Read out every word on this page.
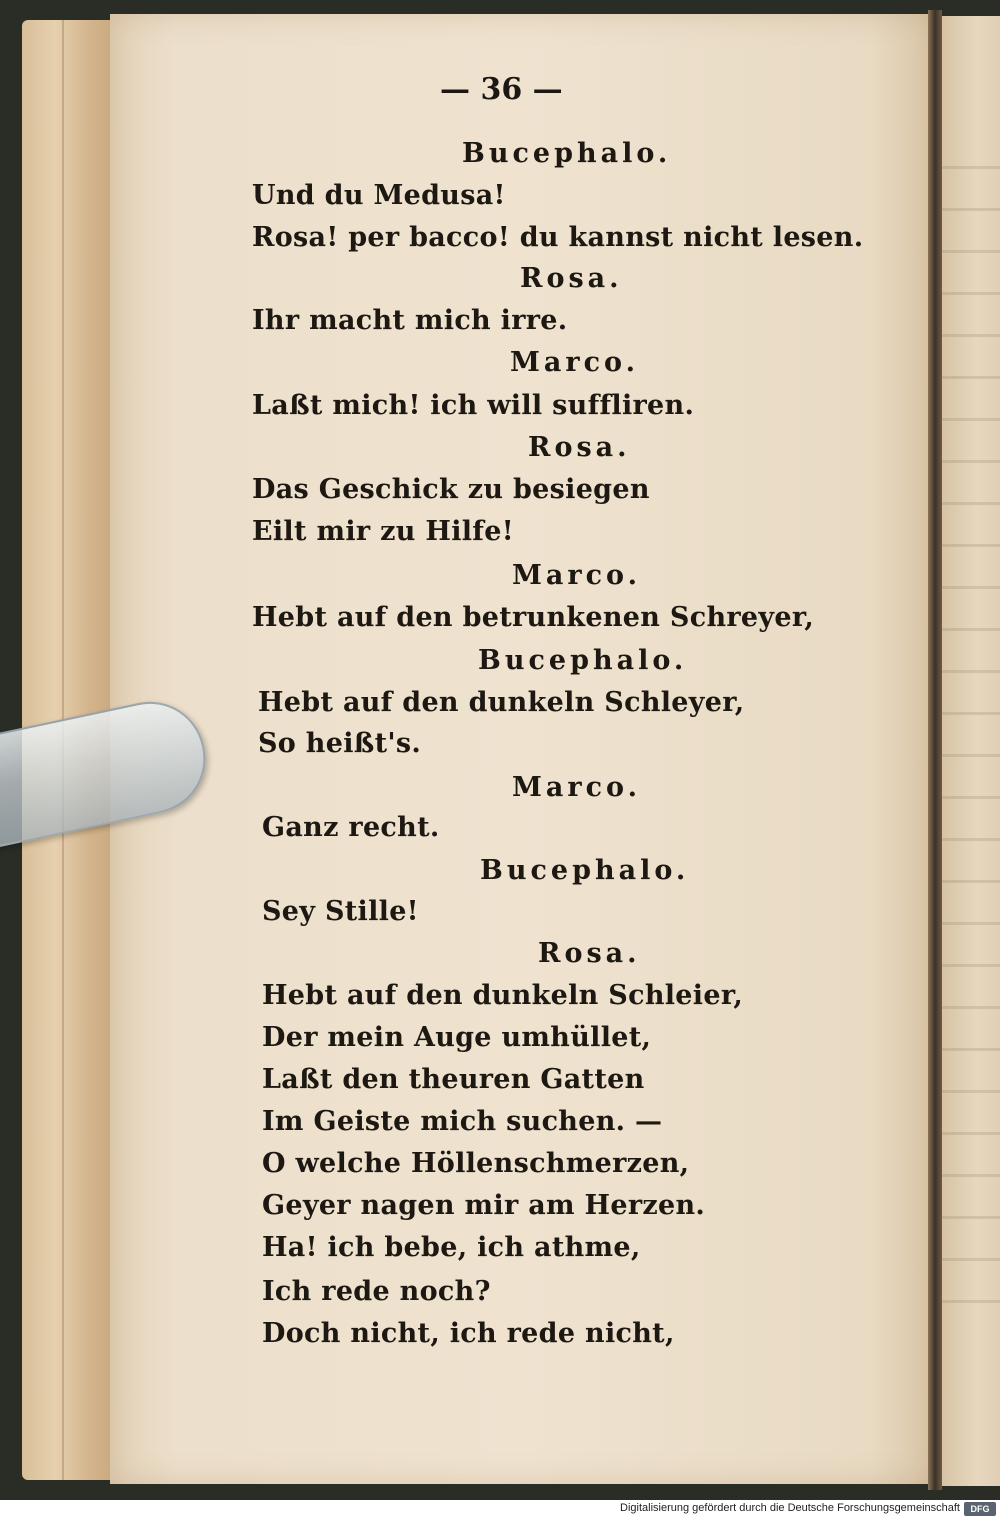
— 36 —
Bucephalo.
Und du Medusa!
Rosa! per bacco! du kannst nicht lesen.
Rosa.
Ihr macht mich irre.
Marco.
Laßt mich! ich will suffliren.
Rosa.
Das Geschick zu besiegen
Eilt mir zu Hilfe!
Marco.
Hebt auf den betrunkenen Schreyer,
Bucephalo.
Hebt auf den dunkeln Schleyer,
So heißt's.
Marco.
Ganz recht.
Bucephalo.
Sey Stille!
Rosa.
Hebt auf den dunkeln Schleier,
Der mein Auge umhüllet,
Laßt den theuren Gatten
Im Geiste mich suchen. —
O welche Höllenschmerzen,
Geyer nagen mir am Herzen.
Ha! ich bebe, ich athme,
Ich rede noch?
Doch nicht, ich rede nicht,
Digitalisierung gefördert durch die Deutsche Forschungsgemeinschaft	DFG
